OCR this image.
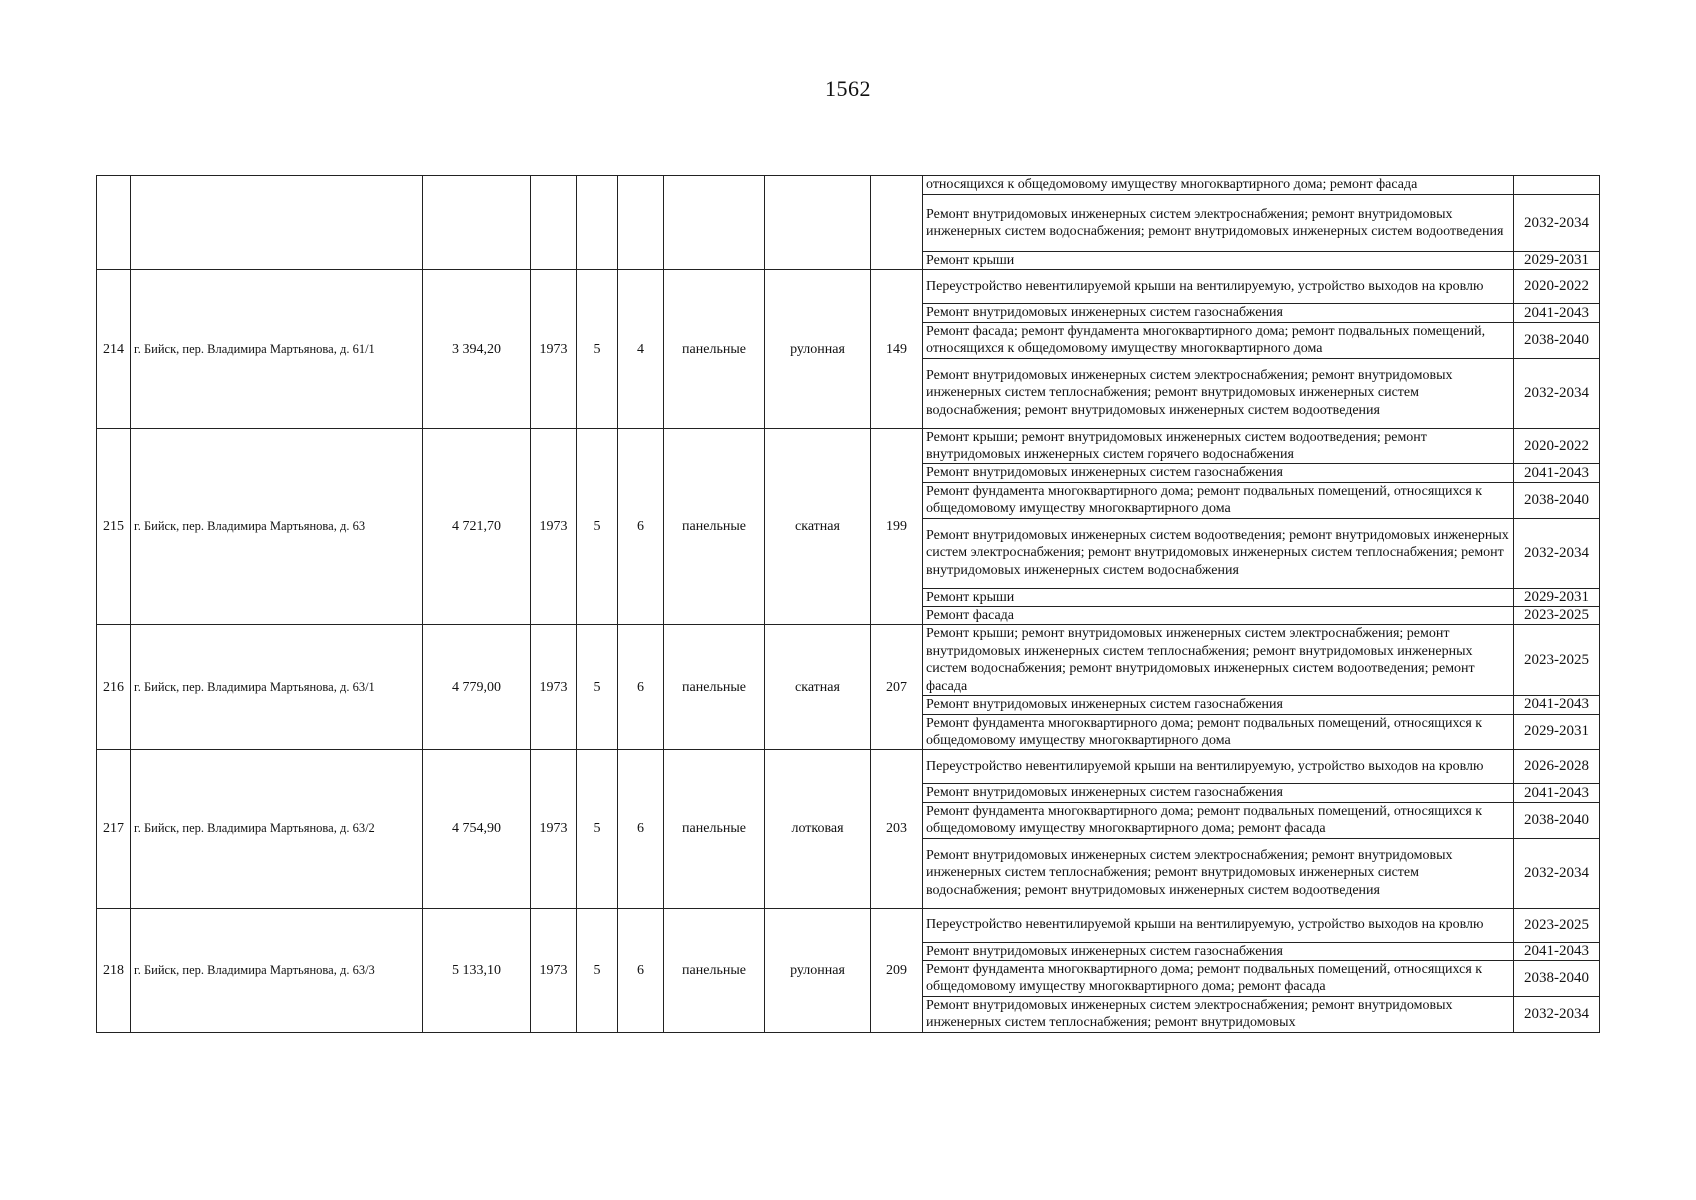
1562
									относящихся к общедомовому имуществу многоквартирного дома; ремонт фасада	
									Ремонт внутридомовых инженерных систем электроснабжения; ремонт внутридомовых инженерных систем водоснабжения; ремонт внутридомовых инженерных систем водоотведения	2032-2034
									Ремонт крыши	2029-2031
214	г. Бийск, пер. Владимира Мартьянова, д. 61/1	3 394,20	1973	5	4	панельные	рулонная	149	Переустройство невентилируемой крыши на вентилируемую, устройство выходов на кровлю	2020-2022
									Ремонт внутридомовых инженерных систем газоснабжения	2041-2043
									Ремонт фасада; ремонт фундамента многоквартирного дома; ремонт подвальных помещений, относящихся к общедомовому имуществу многоквартирного дома	2038-2040
									Ремонт внутридомовых инженерных систем электроснабжения; ремонт внутридомовых инженерных систем теплоснабжения; ремонт внутридомовых инженерных систем водоснабжения; ремонт внутридомовых инженерных систем водоотведения	2032-2034
215	г. Бийск, пер. Владимира Мартьянова, д. 63	4 721,70	1973	5	6	панельные	скатная	199	Ремонт крыши; ремонт внутридомовых инженерных систем водоотведения; ремонт внутридомовых инженерных систем горячего водоснабжения	2020-2022
									Ремонт внутридомовых инженерных систем газоснабжения	2041-2043
									Ремонт фундамента многоквартирного дома; ремонт подвальных помещений, относящихся к общедомовому имуществу многоквартирного дома	2038-2040
									Ремонт внутридомовых инженерных систем водоотведения; ремонт внутридомовых инженерных систем электроснабжения; ремонт внутридомовых инженерных систем теплоснабжения; ремонт внутридомовых инженерных систем водоснабжения	2032-2034
									Ремонт крыши	2029-2031
									Ремонт фасада	2023-2025
216	г. Бийск, пер. Владимира Мартьянова, д. 63/1	4 779,00	1973	5	6	панельные	скатная	207	Ремонт крыши; ремонт внутридомовых инженерных систем электроснабжения; ремонт внутридомовых инженерных систем теплоснабжения; ремонт внутридомовых инженерных систем водоснабжения; ремонт внутридомовых инженерных систем водоотведения; ремонт фасада	2023-2025
									Ремонт внутридомовых инженерных систем газоснабжения	2041-2043
									Ремонт фундамента многоквартирного дома; ремонт подвальных помещений, относящихся к общедомовому имуществу многоквартирного дома	2029-2031
217	г. Бийск, пер. Владимира Мартьянова, д. 63/2	4 754,90	1973	5	6	панельные	лотковая	203	Переустройство невентилируемой крыши на вентилируемую, устройство выходов на кровлю	2026-2028
									Ремонт внутридомовых инженерных систем газоснабжения	2041-2043
									Ремонт фундамента многоквартирного дома; ремонт подвальных помещений, относящихся к общедомовому имуществу многоквартирного дома; ремонт фасада	2038-2040
									Ремонт внутридомовых инженерных систем электроснабжения; ремонт внутридомовых инженерных систем теплоснабжения; ремонт внутридомовых инженерных систем водоснабжения; ремонт внутридомовых инженерных систем водоотведения	2032-2034
218	г. Бийск, пер. Владимира Мартьянова, д. 63/3	5 133,10	1973	5	6	панельные	рулонная	209	Переустройство невентилируемой крыши на вентилируемую, устройство выходов на кровлю	2023-2025
									Ремонт внутридомовых инженерных систем газоснабжения	2041-2043
									Ремонт фундамента многоквартирного дома; ремонт подвальных помещений, относящихся к общедомовому имуществу многоквартирного дома; ремонт фасада	2038-2040
									Ремонт внутридомовых инженерных систем электроснабжения; ремонт внутридомовых инженерных систем теплоснабжения; ремонт внутридомовых	2032-2034
